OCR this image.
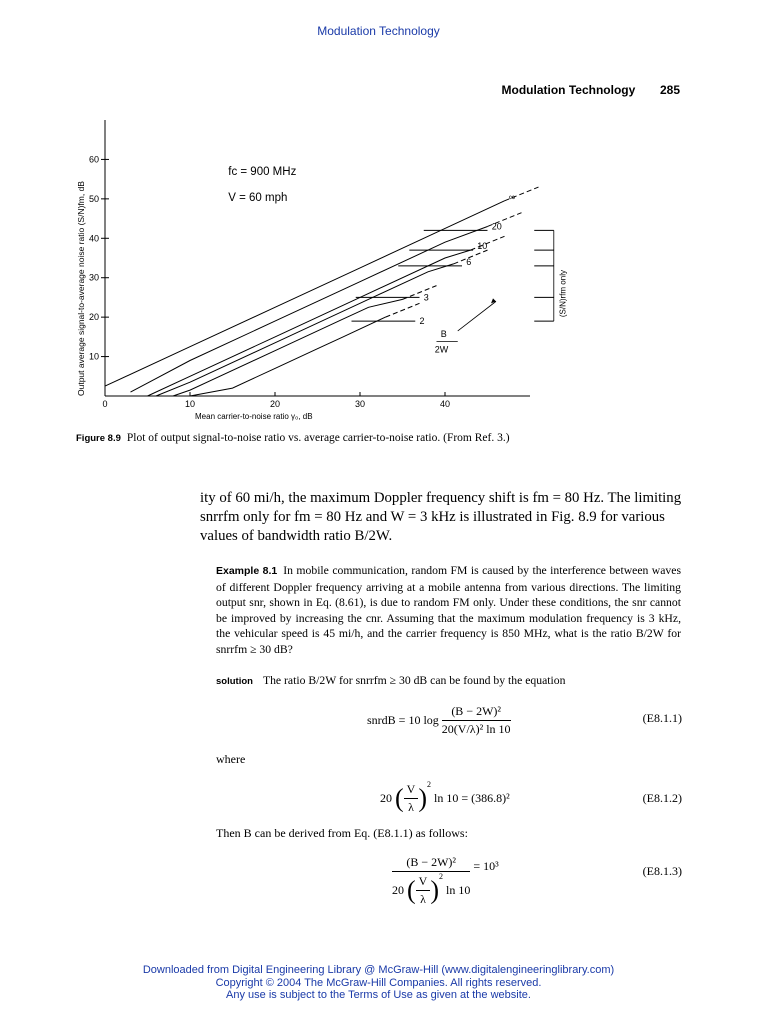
Modulation Technology
Modulation Technology 285
10
20
30
40
50
60
0	10	20	30	40
Mean carrier-to-noise ratio γ₀, dB
Output average signal-to-average noise ratio (S/N)fm, dB
fc = 900 MHz
V = 60 mph	∞
20
10
6
3
2
B
2W
(S/N)rfm only
Figure 8.9 Plot of output signal-to-noise ratio vs. average carrier-to-noise ratio. (From Ref. 3.)
ity of 60 mi/h, the maximum Doppler frequency shift is fm = 80 Hz. The limiting snrrfm only for fm = 80 Hz and W = 3 kHz is illustrated in Fig. 8.9 for various values of bandwidth ratio B/2W.
Example 8.1 In mobile communication, random FM is caused by the interference between waves of different Doppler frequency arriving at a mobile antenna from various directions. The limiting output snr, shown in Eq. (8.61), is due to random FM only. Under these conditions, the snr cannot be improved by increasing the cnr. Assuming that the maximum modulation frequency is 3 kHz, the vehicular speed is 45 mi/h, and the carrier frequency is 850 MHz, what is the ratio B/2W for snrrfm ≥ 30 dB?
solution The ratio B/2W for snrrfm ≥ 30 dB can be found by the equation
snrdB = 10 $\log \frac{\text{(B − 2W)²}}{\text{20(V/λ)² ln 10}}$	(E8.1.1)
where
20 ( $\frac{V}{\lambda} )^2$ ln 10 = (386.8)²	(E8.1.2)
Then B can be derived from Eq. (E8.1.1) as follows:
$\frac{\text{(B − 2W)²}}{20 ( \frac{V}{\lambda} )^2 \ln 10} = 10^3$	(E8.1.3)
Downloaded from Digital Engineering Library @ McGraw-Hill (www.digitalengineeringlibrary.com)
Copyright © 2004 The McGraw-Hill Companies. All rights reserved.
Any use is subject to the Terms of Use as given at the website.
